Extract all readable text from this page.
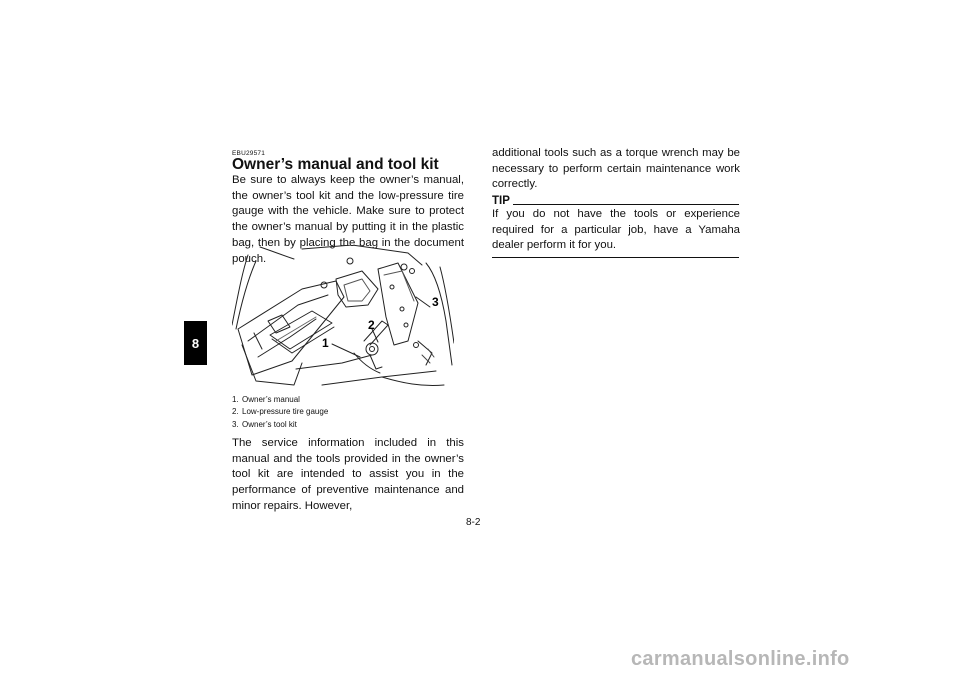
8
EBU29571
Owner’s manual and tool kit

Be sure to always keep the owner’s manual, the owner’s tool kit and the low-pressure tire gauge with the vehicle. Make sure to protect the owner’s manual by putting it in the plastic bag, then by placing the bag in the document pouch.

1
2
3
1. Owner’s manual
2. Low-pressure tire gauge
3. Owner’s tool kit

The service information included in this manual and the tools provided in the owner’s tool kit are intended to assist you in the performance of preventive maintenance and minor repairs. However,

additional tools such as a torque wrench may be necessary to perform certain maintenance work correctly.

TIP

If you do not have the tools or experience required for a particular job, have a Yamaha dealer perform it for you.

8-2
carmanualsonline.info
